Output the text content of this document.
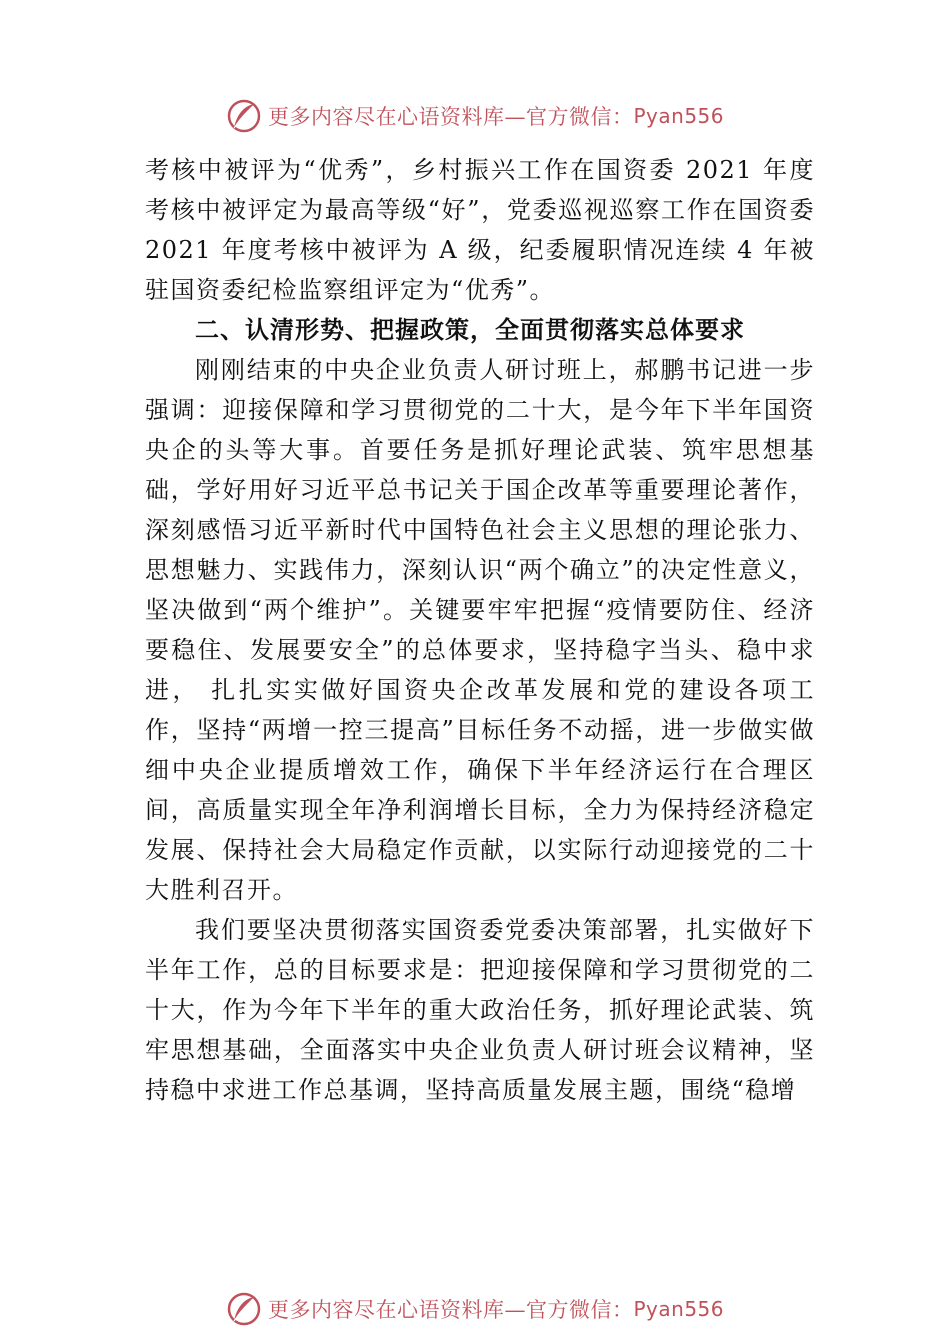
更多内容尽在心语资料库—官方微信： Pyan556

考核中被评为“优秀”，乡村振兴工作在国资委 2021 年度考核中被评定为最高等级“好”，党委巡视巡察工作在国资委 2021 年度考核中被评为 A 级，纪委履职情况连续 4 年被驻国资委纪检监察组评定为“优秀”。

二、认清形势、把握政策，全面贯彻落实总体要求

刚刚结束的中央企业负责人研讨班上，郝鹏书记进一步强调：迎接保障和学习贯彻党的二十大，是今年下半年国资央企的头等大事。首要任务是抓好理论武装、筑牢思想基础，学好用好习近平总书记关于国企改革等重要理论著作，深刻感悟习近平新时代中国特色社会主义思想的理论张力、思想魅力、实践伟力，深刻认识“两个确立”的决定性意义，坚决做到“两个维护”。关键要牢牢把握“疫情要防住、经济要稳住、发展要安全”的总体要求，坚持稳字当头、稳中求进， 扎扎实实做好国资央企改革发展和党的建设各项工作，坚持“两增一控三提高”目标任务不动摇，进一步做实做细中央企业提质增效工作，确保下半年经济运行在合理区间，高质量实现全年净利润增长目标，全力为保持经济稳定发展、保持社会大局稳定作贡献，以实际行动迎接党的二十大胜利召开。

我们要坚决贯彻落实国资委党委决策部署，扎实做好下半年工作，总的目标要求是：把迎接保障和学习贯彻党的二十大，作为今年下半年的重大政治任务，抓好理论武装、筑牢思想基础，全面落实中央企业负责人研讨班会议精神，坚持稳中求进工作总基调，坚持高质量发展主题，围绕“稳增

更多内容尽在心语资料库—官方微信： Pyan556
